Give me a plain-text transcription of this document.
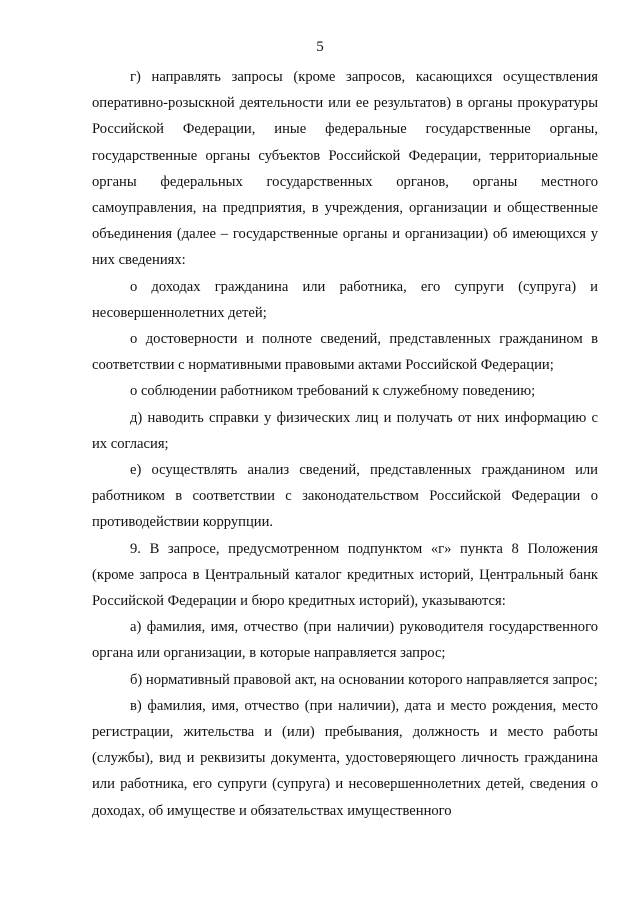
5

г) направлять запросы (кроме запросов, касающихся осуществления оперативно-розыскной деятельности или ее результатов) в органы прокуратуры Российской Федерации, иные федеральные государственные органы, государственные органы субъектов Российской Федерации, территориальные органы федеральных государственных органов, органы местного самоуправления, на предприятия, в учреждения, организации и общественные объединения (далее – государственные органы и организации) об имеющихся у них сведениях:

о доходах гражданина или работника, его супруги (супруга) и несовершеннолетних детей;

о достоверности и полноте сведений, представленных гражданином в соответствии с нормативными правовыми актами Российской Федерации;

о соблюдении работником требований к служебному поведению;

д) наводить справки у физических лиц и получать от них информацию с их согласия;

е) осуществлять анализ сведений, представленных гражданином или работником в соответствии с законодательством Российской Федерации о противодействии коррупции.

9. В запросе, предусмотренном подпунктом «г» пункта 8 Положения (кроме запроса в Центральный каталог кредитных историй, Центральный банк Российской Федерации и бюро кредитных историй), указываются:

а) фамилия, имя, отчество (при наличии) руководителя государственного органа или организации, в которые направляется запрос;

б) нормативный правовой акт, на основании которого направляется запрос;

в) фамилия, имя, отчество (при наличии), дата и место рождения, место регистрации, жительства и (или) пребывания, должность и место работы (службы), вид и реквизиты документа, удостоверяющего личность гражданина или работника, его супруги (супруга) и несовершеннолетних детей, сведения о доходах, об имуществе и обязательствах имущественного
